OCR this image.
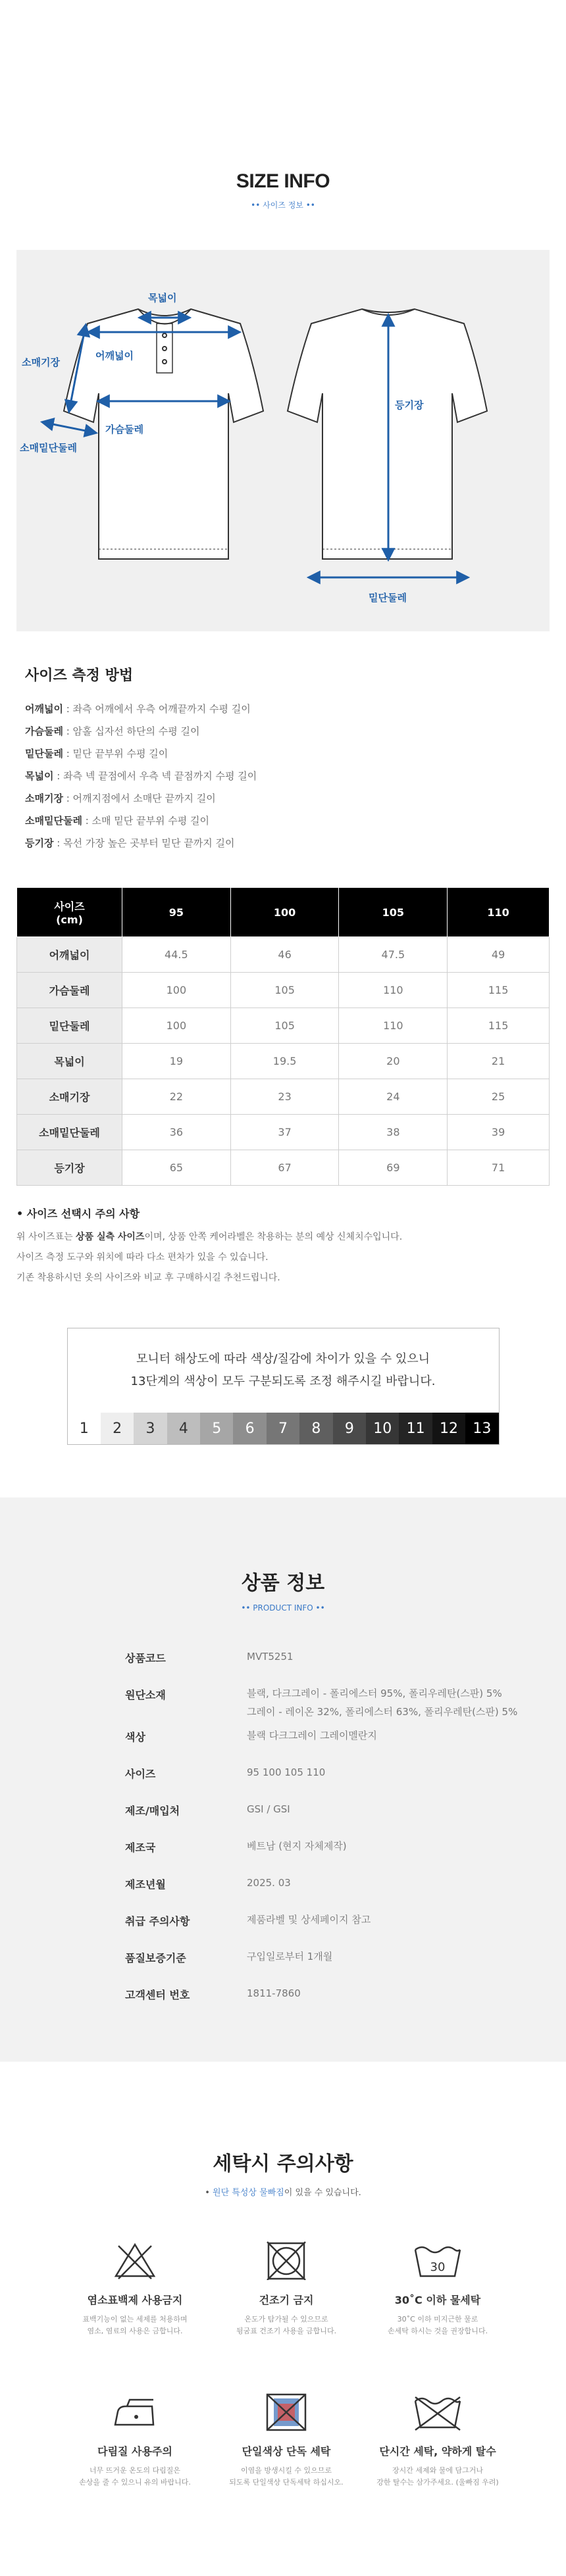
SIZE INFO
•• 사이즈 정보 ••
목넓이
어깨넓이
소매기장
가슴둘레
소매밑단둘레
등기장
밑단둘레
사이즈 측정 방법
어깨넓이 : 좌측 어깨에서 우측 어깨끝까지 수평 길이
가슴둘레 : 암홀 십자선 하단의 수평 길이
밑단둘레 : 밑단 끝부위 수평 길이
목넓이 : 좌측 넥 끝점에서 우측 넥 끝점까지 수평 길이
소매기장 : 어깨지점에서 소매단 끝까지 길이
소매밑단둘레 : 소매 밑단 끝부위 수평 길이
등기장 : 목선 가장 높은 곳부터 밑단 끝까지 길이
사이즈
(cm)	95	100	105	110
어깨넓이	44.5	46	47.5	49
가슴둘레	100	105	110	115
밑단둘레	100	105	110	115
목넓이	19	19.5	20	21
소매기장	22	23	24	25
소매밑단둘레	36	37	38	39
등기장	65	67	69	71
• 사이즈 선택시 주의 사항

위 사이즈표는 상품 실측 사이즈이며, 상품 안쪽 케어라벨은 착용하는 분의 예상 신체치수입니다.

사이즈 측정 도구와 위치에 따라 다소 편차가 있을 수 있습니다.

기존 착용하시던 옷의 사이즈와 비교 후 구매하시길 추천드립니다.

모니터 해상도에 따라 색상/질감에 차이가 있을 수 있으니
13단계의 색상이 모두 구분되도록 조정 해주시길 바랍니다.
1	2	3	4	5	6	7	8	9	10	11	12	13
상품 정보
•• PRODUCT INFO ••
상품코드	MVT5251
원단소재	블랙, 다크그레이 - 폴리에스터 95%, 폴리우레탄(스판) 5%
그레이 - 레이온 32%, 폴리에스터 63%, 폴리우레탄(스판) 5%
색상	블랙 다크그레이 그레이멜란지
사이즈	95 100 105 110
제조/매입처	GSI / GSI
제조국	베트남 (현지 자체제작)
제조년월	2025. 03
취급 주의사항	제품라벨 및 상세페이지 참고
품질보증기준	구입일로부터 1개월
고객센터 번호	1811-7860
세탁시 주의사항
• 원단 특성상 물빠짐이 있을 수 있습니다.
염소표백제 사용금지
표백기능이 없는 세제를 처용하며
염소, 염료의 사용은 금합니다.
건조기 금지
온도가 탐가될 수 있으므로
뒹굼표 건조기 사용을 금합니다.
30
30˚C 이하 물세탁
30˚C 이하 미지근한 물로
손세탁 하시는 것을 권장합니다.
다림질 사용주의
너무 뜨거운 온도의 다림질은
손상을 줄 수 있으니 유의 바랍니다.
단일색상 단독 세탁
이염을 방생시킬 수 있으므로
되도록 단일색상 단독세탁 하십시오.
단시간 세탁, 약하게 탈수
장시간 세제와 물에 담그거나
강한 탈수는 삼가주세요. (울빠짐 우려)
